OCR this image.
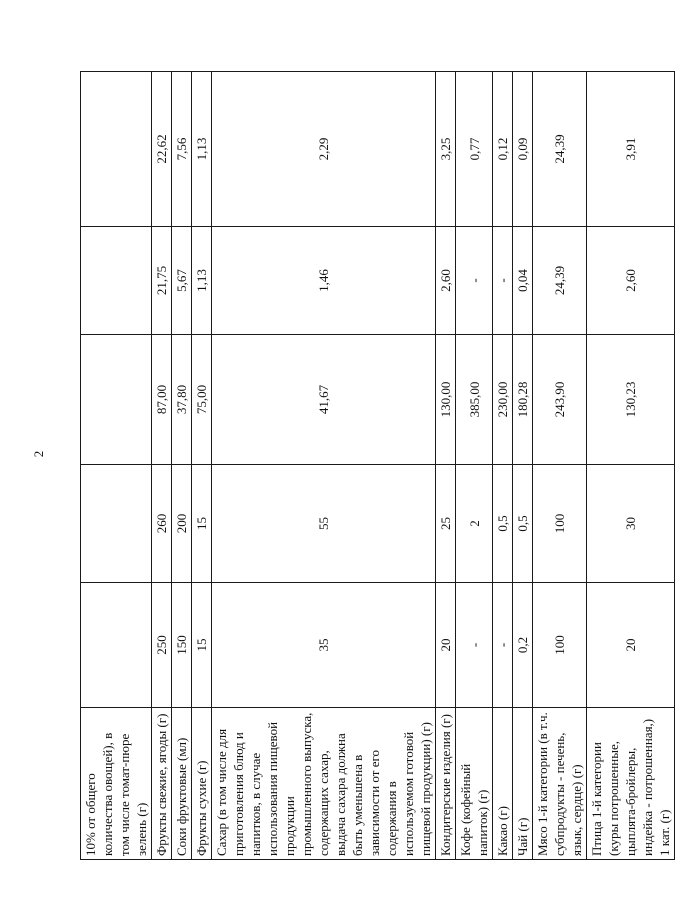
2
10% от общего количества овощей), в том числе томат-пюре зелень (г)					
Фрукты свежие, ягоды (г)	250	260	87,00	21,75	22,62
Соки фруктовые (мл)	150	200	37,80	5,67	7,56
Фрукты сухие (г)	15	15	75,00	1,13	1,13
Сахар (в том числе для приготовления блюд и напитков, в случае использования пищевой продукции промышленного выпуска, содержащих сахар, выдача сахара должна быть уменьшена в зависимости от его содержания в используемом готовой пищевой продукции) (г)	35	55	41,67	1,46	2,29
Кондитерские изделия (г)	20	25	130,00	2,60	3,25
Кофе (кофейный напиток) (г)	-	2	385,00	-	0,77
Какао (г)	-	0,5	230,00	-	0,12
Чай (г)	0,2	0,5	180,28	0,04	0,09
Мясо 1-й категории (в т.ч. субпродукты - печень, язык, сердце) (г)	100	100	243,90	24,39	24,39
Птица 1-й категории (куры потрошенные, цыплята-бройлеры, индейка - потрошенная,) 1 кат. (г)	20	30	130,23	2,60	3,91
